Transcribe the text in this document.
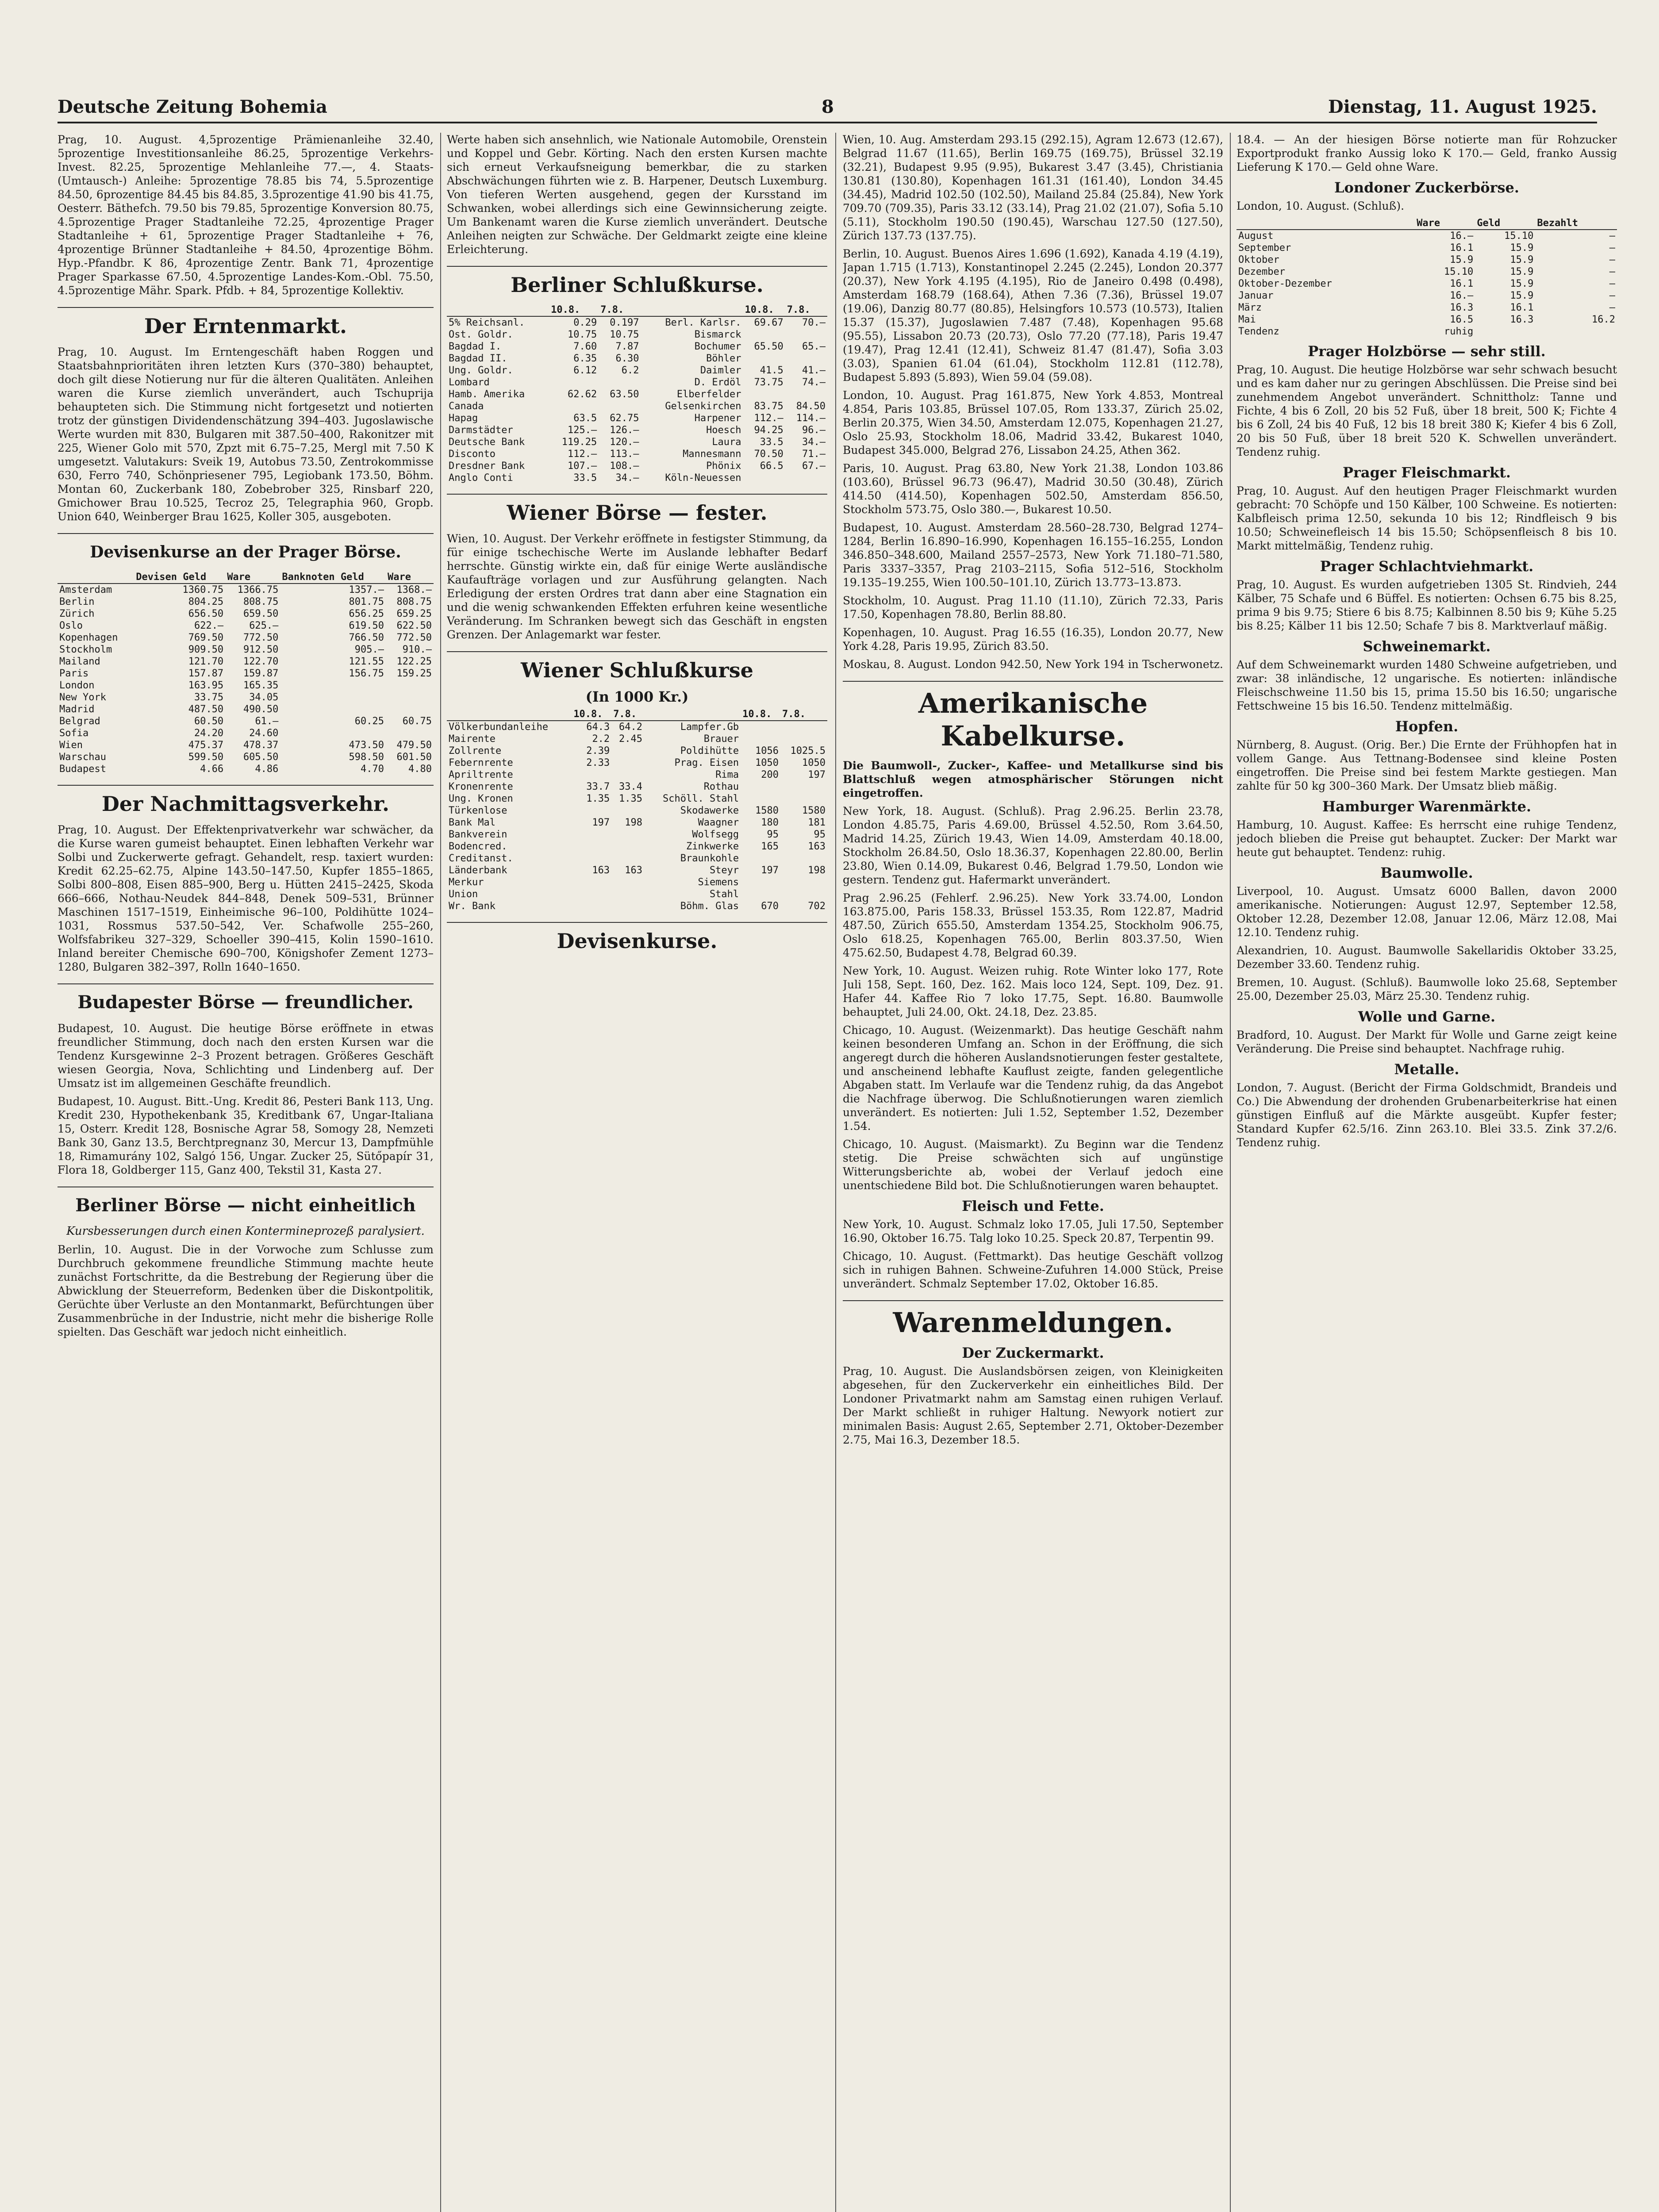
Deutsche Zeitung Bohemia	8	Dienstag, 11. August 1925.

Prag, 10. August. 4,5prozentige Prämienanleihe 32.40, 5prozentige Investitionsanleihe 86.25, 5prozentige Verkehrs-Invest. 82.25, 5prozentige Mehlanleihe 77.—, 4. Staats- (Umtausch-) Anleihe: 5prozentige 78.85 bis 74, 5.5prozentige 84.50, 6prozentige 84.45 bis 84.85, 3.5prozentige 41.90 bis 41.75, Oesterr. Bäthefch. 79.50 bis 79.85, 5prozentige Konversion 80.75, 4.5prozentige Prager Stadtanleihe 72.25, 4prozentige Prager Stadtanleihe + 61, 5prozentige Prager Stadtanleihe + 76, 4prozentige Brünner Stadtanleihe + 84.50, 4prozentige Böhm. Hyp.-Pfandbr. K 86, 4prozentige Zentr. Bank 71, 4prozentige Prager Sparkasse 67.50, 4.5prozentige Landes-Kom.-Obl. 75.50, 4.5prozentige Mähr. Spark. Pfdb. + 84, 5prozentige Kollektiv.

Der Erntenmarkt.

Prag, 10. August. Im Erntengeschäft haben Roggen und Staatsbahnprioritäten ihren letzten Kurs (370–380) behauptet, doch gilt diese Notierung nur für die älteren Qualitäten. Anleihen waren die Kurse ziemlich unverändert, auch Tschuprija behaupteten sich. Die Stimmung nicht fortgesetzt und notierten trotz der günstigen Dividendenschätzung 394–403. Jugoslawische Werte wurden mit 830, Bulgaren mit 387.50–400, Rakonitzer mit 225, Wiener Golo mit 570, Zpzt mit 6.75–7.25, Mergl mit 7.50 K umgesetzt. Valutakurs: Sveik 19, Autobus 73.50, Zentrokommisse 630, Ferro 740, Schönpriesener 795, Legiobank 173.50, Böhm. Montan 60, Zuckerbank 180, Zobebrober 325, Rinsbarf 220, Gmichower Brau 10.525, Tecroz 25, Telegraphia 960, Gropb. Union 640, Weinberger Brau 1625, Koller 305, ausgeboten.

Devisenkurse an der Prager Börse.
	Devisen Geld	Ware	Banknoten Geld	Ware
Amsterdam	1360.75	1366.75	1357.—	1368.—
Berlin	804.25	808.75	801.75	808.75
Zürich	656.50	659.50	656.25	659.25
Oslo	622.—	625.—	619.50	622.50
Kopenhagen	769.50	772.50	766.50	772.50
Stockholm	909.50	912.50	905.—	910.—
Mailand	121.70	122.70	121.55	122.25
Paris	157.87	159.87	156.75	159.25
London	163.95	165.35		
New York	33.75	34.05		
Madrid	487.50	490.50		
Belgrad	60.50	61.—	60.25	60.75
Sofia	24.20	24.60		
Wien	475.37	478.37	473.50	479.50
Warschau	599.50	605.50	598.50	601.50
Budapest	4.66	4.86	4.70	4.80
Der Nachmittagsverkehr.

Prag, 10. August. Der Effektenprivatverkehr war schwächer, da die Kurse waren gumeist behauptet. Einen lebhaften Verkehr war Solbi und Zuckerwerte gefragt. Gehandelt, resp. taxiert wurden: Kredit 62.25–62.75, Alpine 143.50–147.50, Kupfer 1855–1865, Solbi 800–808, Eisen 885–900, Berg u. Hütten 2415–2425, Skoda 666–666, Nothau-Neudek 844–848, Denek 509–531, Brünner Maschinen 1517–1519, Einheimische 96–100, Poldihütte 1024–1031, Rossmus 537.50–542, Ver. Schafwolle 255–260, Wolfsfabrikeu 327–329, Schoeller 390–415, Kolin 1590–1610. Inland bereiter Chemische 690–700, Königshofer Zement 1273–1280, Bulgaren 382–397, Rolln 1640–1650.

Budapester Börse — freundlicher.

Budapest, 10. August. Die heutige Börse eröffnete in etwas freundlicher Stimmung, doch nach den ersten Kursen war die Tendenz Kursgewinne 2–3 Prozent betragen. Größeres Geschäft wiesen Georgia, Nova, Schlichting und Lindenberg auf. Der Umsatz ist im allgemeinen Geschäfte freundlich.

Budapest, 10. August. Bitt.-Ung. Kredit 86, Pesteri Bank 113, Ung. Kredit 230, Hypothekenbank 35, Kreditbank 67, Ungar-Italiana 15, Osterr. Kredit 128, Bosnische Agrar 58, Somogy 28, Nemzeti Bank 30, Ganz 13.5, Berchtpregnanz 30, Mercur 13, Dampfmühle 18, Rimamurány 102, Salgó 156, Ungar. Zucker 25, Sütőpapír 31, Flora 18, Goldberger 115, Ganz 400, Tekstil 31, Kasta 27.

Berliner Börse — nicht einheitlich
Kursbesserungen durch einen Kontermineprozeß paralysiert.

Berlin, 10. August. Die in der Vorwoche zum Schlusse zum Durchbruch gekommene freundliche Stimmung machte heute zunächst Fortschritte, da die Bestrebung der Regierung über die Abwicklung der Steuerreform, Bedenken über die Diskontpolitik, Gerüchte über Verluste an den Montanmarkt, Befürchtungen über Zusammenbrüche in der Industrie, nicht mehr die bisherige Rolle spielten. Das Geschäft war jedoch nicht einheitlich.

Werte haben sich ansehnlich, wie Nationale Automobile, Orenstein und Koppel und Gebr. Körting. Nach den ersten Kursen machte sich erneut Verkaufsneigung bemerkbar, die zu starken Abschwächungen führten wie z. B. Harpener, Deutsch Luxemburg. Von tieferen Werten ausgehend, gegen der Kursstand im Schwanken, wobei allerdings sich eine Gewinnsicherung zeigte. Um Bankenamt waren die Kurse ziemlich unverändert. Deutsche Anleihen neigten zur Schwäche. Der Geldmarkt zeigte eine kleine Erleichterung.

Berliner Schlußkurse.
	10.8.	7.8.		10.8.	7.8.
5% Reichsanl.	0.29	0.197	Berl. Karlsr.	69.67	70.—
Ost. Goldr.	10.75	10.75	Bismarck		
Bagdad I.	7.60	7.87	Bochumer	65.50	65.—
Bagdad II.	6.35	6.30	Böhler		
Ung. Goldr.	6.12	6.2	Daimler	41.5	41.—
Lombard			D. Erdöl	73.75	74.—
Hamb. Amerika	62.62	63.50	Elberfelder		
Canada			Gelsenkirchen	83.75	84.50
Hapag	63.5	62.75	Harpener	112.—	114.—
Darmstädter	125.—	126.—	Hoesch	94.25	96.—
Deutsche Bank	119.25	120.—	Laura	33.5	34.—
Disconto	112.—	113.—	Mannesmann	70.50	71.—
Dresdner Bank	107.—	108.—	Phönix	66.5	67.—
Anglo Conti	33.5	34.—	Köln-Neuessen		
Wiener Börse — fester.

Wien, 10. August. Der Verkehr eröffnete in festigster Stimmung, da für einige tschechische Werte im Auslande lebhafter Bedarf herrschte. Günstig wirkte ein, daß für einige Werte ausländische Kaufaufträge vorlagen und zur Ausführung gelangten. Nach Erledigung der ersten Ordres trat dann aber eine Stagnation ein und die wenig schwankenden Effekten erfuhren keine wesentliche Veränderung. Im Schranken bewegt sich das Geschäft in engsten Grenzen. Der Anlagemarkt war fester.

Wiener Schlußkurse
(In 1000 Kr.)
	10.8.	7.8.		10.8.	7.8.
Völkerbundanleihe	64.3	64.2	Lampfer.Gb		
Mairente	2.2	2.45	Brauer		
Zollrente	2.39		Poldihütte	1056	1025.5
Febernrente	2.33		Prag. Eisen	1050	1050
Apriltrente			Rima	200	197
Kronenrente	33.7	33.4	Rothau		
Ung. Kronen	1.35	1.35	Schöll. Stahl		
Türkenlose			Skodawerke	1580	1580
Bank Mal	197	198	Waagner	180	181
Bankverein			Wolfsegg	95	95
Bodencred.			Zinkwerke	165	163
Creditanst.			Braunkohle		
Länderbank	163	163	Steyr	197	198
Merkur			Siemens		
Union			Stahl		
Wr. Bank			Böhm. Glas	670	702
Devisenkurse.

Wien, 10. Aug. Amsterdam 293.15 (292.15), Agram 12.673 (12.67), Belgrad 11.67 (11.65), Berlin 169.75 (169.75), Brüssel 32.19 (32.21), Budapest 9.95 (9.95), Bukarest 3.47 (3.45), Christiania 130.81 (130.80), Kopenhagen 161.31 (161.40), London 34.45 (34.45), Madrid 102.50 (102.50), Mailand 25.84 (25.84), New York 709.70 (709.35), Paris 33.12 (33.14), Prag 21.02 (21.07), Sofia 5.10 (5.11), Stockholm 190.50 (190.45), Warschau 127.50 (127.50), Zürich 137.73 (137.75).

Berlin, 10. August. Buenos Aires 1.696 (1.692), Kanada 4.19 (4.19), Japan 1.715 (1.713), Konstantinopel 2.245 (2.245), London 20.377 (20.37), New York 4.195 (4.195), Rio de Janeiro 0.498 (0.498), Amsterdam 168.79 (168.64), Athen 7.36 (7.36), Brüssel 19.07 (19.06), Danzig 80.77 (80.85), Helsingfors 10.573 (10.573), Italien 15.37 (15.37), Jugoslawien 7.487 (7.48), Kopenhagen 95.68 (95.55), Lissabon 20.73 (20.73), Oslo 77.20 (77.18), Paris 19.47 (19.47), Prag 12.41 (12.41), Schweiz 81.47 (81.47), Sofia 3.03 (3.03), Spanien 61.04 (61.04), Stockholm 112.81 (112.78), Budapest 5.893 (5.893), Wien 59.04 (59.08).

London, 10. August. Prag 161.875, New York 4.853, Montreal 4.854, Paris 103.85, Brüssel 107.05, Rom 133.37, Zürich 25.02, Berlin 20.375, Wien 34.50, Amsterdam 12.075, Kopenhagen 21.27, Oslo 25.93, Stockholm 18.06, Madrid 33.42, Bukarest 1040, Budapest 345.000, Belgrad 276, Lissabon 24.25, Athen 362.

Paris, 10. August. Prag 63.80, New York 21.38, London 103.86 (103.60), Brüssel 96.73 (96.47), Madrid 30.50 (30.48), Zürich 414.50 (414.50), Kopenhagen 502.50, Amsterdam 856.50, Stockholm 573.75, Oslo 380.—, Bukarest 10.50.

Budapest, 10. August. Amsterdam 28.560–28.730, Belgrad 1274–1284, Berlin 16.890–16.990, Kopenhagen 16.155–16.255, London 346.850–348.600, Mailand 2557–2573, New York 71.180–71.580, Paris 3337–3357, Prag 2103–2115, Sofia 512–516, Stockholm 19.135–19.255, Wien 100.50–101.10, Zürich 13.773–13.873.

Stockholm, 10. August. Prag 11.10 (11.10), Zürich 72.33, Paris 17.50, Kopenhagen 78.80, Berlin 88.80.

Kopenhagen, 10. August. Prag 16.55 (16.35), London 20.77, New York 4.28, Paris 19.95, Zürich 83.50.

Moskau, 8. August. London 942.50, New York 194 in Tscherwonetz.

Amerikanische Kabelkurse.

Die Baumwoll-, Zucker-, Kaffee- und Metallkurse sind bis Blattschluß wegen atmosphärischer Störungen nicht eingetroffen.

New York, 18. August. (Schluß). Prag 2.96.25. Berlin 23.78, London 4.85.75, Paris 4.69.00, Brüssel 4.52.50, Rom 3.64.50, Madrid 14.25, Zürich 19.43, Wien 14.09, Amsterdam 40.18.00, Stockholm 26.84.50, Oslo 18.36.37, Kopenhagen 22.80.00, Berlin 23.80, Wien 0.14.09, Bukarest 0.46, Belgrad 1.79.50, London wie gestern. Tendenz gut. Hafermarkt unverändert.

Prag 2.96.25 (Fehlerf. 2.96.25). New York 33.74.00, London 163.875.00, Paris 158.33, Brüssel 153.35, Rom 122.87, Madrid 487.50, Zürich 655.50, Amsterdam 1354.25, Stockholm 906.75, Oslo 618.25, Kopenhagen 765.00, Berlin 803.37.50, Wien 475.62.50, Budapest 4.78, Belgrad 60.39.

New York, 10. August. Weizen ruhig. Rote Winter loko 177, Rote Juli 158, Sept. 160, Dez. 162. Mais loco 124, Sept. 109, Dez. 91. Hafer 44. Kaffee Rio 7 loko 17.75, Sept. 16.80. Baumwolle behauptet, Juli 24.00, Okt. 24.18, Dez. 23.85.

Chicago, 10. August. (Weizenmarkt). Das heutige Geschäft nahm keinen besonderen Umfang an. Schon in der Eröffnung, die sich angeregt durch die höheren Auslandsnotierungen fester gestaltete, und anscheinend lebhafte Kauflust zeigte, fanden gelegentliche Abgaben statt. Im Verlaufe war die Tendenz ruhig, da das Angebot die Nachfrage überwog. Die Schlußnotierungen waren ziemlich unverändert. Es notierten: Juli 1.52, September 1.52, Dezember 1.54.

Chicago, 10. August. (Maismarkt). Zu Beginn war die Tendenz stetig. Die Preise schwächten sich auf ungünstige Witterungsberichte ab, wobei der Verlauf jedoch eine unentschiedene Bild bot. Die Schlußnotierungen waren behauptet.

Fleisch und Fette.

New York, 10. August. Schmalz loko 17.05, Juli 17.50, September 16.90, Oktober 16.75. Talg loko 10.25. Speck 20.87, Terpentin 99.

Chicago, 10. August. (Fettmarkt). Das heutige Geschäft vollzog sich in ruhigen Bahnen. Schweine-Zufuhren 14.000 Stück, Preise unverändert. Schmalz September 17.02, Oktober 16.85.

Warenmeldungen.
Der Zuckermarkt.

Prag, 10. August. Die Auslandsbörsen zeigen, von Kleinigkeiten abgesehen, für den Zuckerverkehr ein einheitliches Bild. Der Londoner Privatmarkt nahm am Samstag einen ruhigen Verlauf. Der Markt schließt in ruhiger Haltung. Newyork notiert zur minimalen Basis: August 2.65, September 2.71, Oktober-Dezember 2.75, Mai 16.3, Dezember 18.5.

18.4. — An der hiesigen Börse notierte man für Rohzucker Exportprodukt franko Aussig loko K 170.— Geld, franko Aussig Lieferung K 170.— Geld ohne Ware.

Londoner Zuckerbörse.

London, 10. August. (Schluß).

	Ware	Geld	Bezahlt
August	16.—	15.10	—
September	16.1	15.9	—
Oktober	15.9	15.9	—
Dezember	15.10	15.9	—
Oktober-Dezember	16.1	15.9	—
Januar	16.—	15.9	—
März	16.3	16.1	—
Mai	16.5	16.3	16.2
Tendenz	ruhig		
Prager Holzbörse — sehr still.

Prag, 10. August. Die heutige Holzbörse war sehr schwach besucht und es kam daher nur zu geringen Abschlüssen. Die Preise sind bei zunehmendem Angebot unverändert. Schnittholz: Tanne und Fichte, 4 bis 6 Zoll, 20 bis 52 Fuß, über 18 breit, 500 K; Fichte 4 bis 6 Zoll, 24 bis 40 Fuß, 12 bis 18 breit 380 K; Kiefer 4 bis 6 Zoll, 20 bis 50 Fuß, über 18 breit 520 K. Schwellen unverändert. Tendenz ruhig.

Prager Fleischmarkt.

Prag, 10. August. Auf den heutigen Prager Fleischmarkt wurden gebracht: 70 Schöpfe und 150 Kälber, 100 Schweine. Es notierten: Kalbfleisch prima 12.50, sekunda 10 bis 12; Rindfleisch 9 bis 10.50; Schweinefleisch 14 bis 15.50; Schöpsenfleisch 8 bis 10. Markt mittelmäßig, Tendenz ruhig.

Prager Schlachtviehmarkt.

Prag, 10. August. Es wurden aufgetrieben 1305 St. Rindvieh, 244 Kälber, 75 Schafe und 6 Büffel. Es notierten: Ochsen 6.75 bis 8.25, prima 9 bis 9.75; Stiere 6 bis 8.75; Kalbinnen 8.50 bis 9; Kühe 5.25 bis 8.25; Kälber 11 bis 12.50; Schafe 7 bis 8. Marktverlauf mäßig.

Schweinemarkt.

Auf dem Schweinemarkt wurden 1480 Schweine aufgetrieben, und zwar: 38 inländische, 12 ungarische. Es notierten: inländische Fleischschweine 11.50 bis 15, prima 15.50 bis 16.50; ungarische Fettschweine 15 bis 16.50. Tendenz mittelmäßig.

Hopfen.

Nürnberg, 8. August. (Orig. Ber.) Die Ernte der Frühhopfen hat in vollem Gange. Aus Tettnang-Bodensee sind kleine Posten eingetroffen. Die Preise sind bei festem Markte gestiegen. Man zahlte für 50 kg 300–360 Mark. Der Umsatz blieb mäßig.

Hamburger Warenmärkte.

Hamburg, 10. August. Kaffee: Es herrscht eine ruhige Tendenz, jedoch blieben die Preise gut behauptet. Zucker: Der Markt war heute gut behauptet. Tendenz: ruhig.

Baumwolle.

Liverpool, 10. August. Umsatz 6000 Ballen, davon 2000 amerikanische. Notierungen: August 12.97, September 12.58, Oktober 12.28, Dezember 12.08, Januar 12.06, März 12.08, Mai 12.10. Tendenz ruhig.

Alexandrien, 10. August. Baumwolle Sakellaridis Oktober 33.25, Dezember 33.60. Tendenz ruhig.

Bremen, 10. August. (Schluß). Baumwolle loko 25.68, September 25.00, Dezember 25.03, März 25.30. Tendenz ruhig.

Wolle und Garne.

Bradford, 10. August. Der Markt für Wolle und Garne zeigt keine Veränderung. Die Preise sind behauptet. Nachfrage ruhig.

Metalle.

London, 7. August. (Bericht der Firma Goldschmidt, Brandeis und Co.) Die Abwendung der drohenden Grubenarbeiterkrise hat einen günstigen Einfluß auf die Märkte ausgeübt. Kupfer fester; Standard Kupfer 62.5/16. Zinn 263.10. Blei 33.5. Zink 37.2/6. Tendenz ruhig.
